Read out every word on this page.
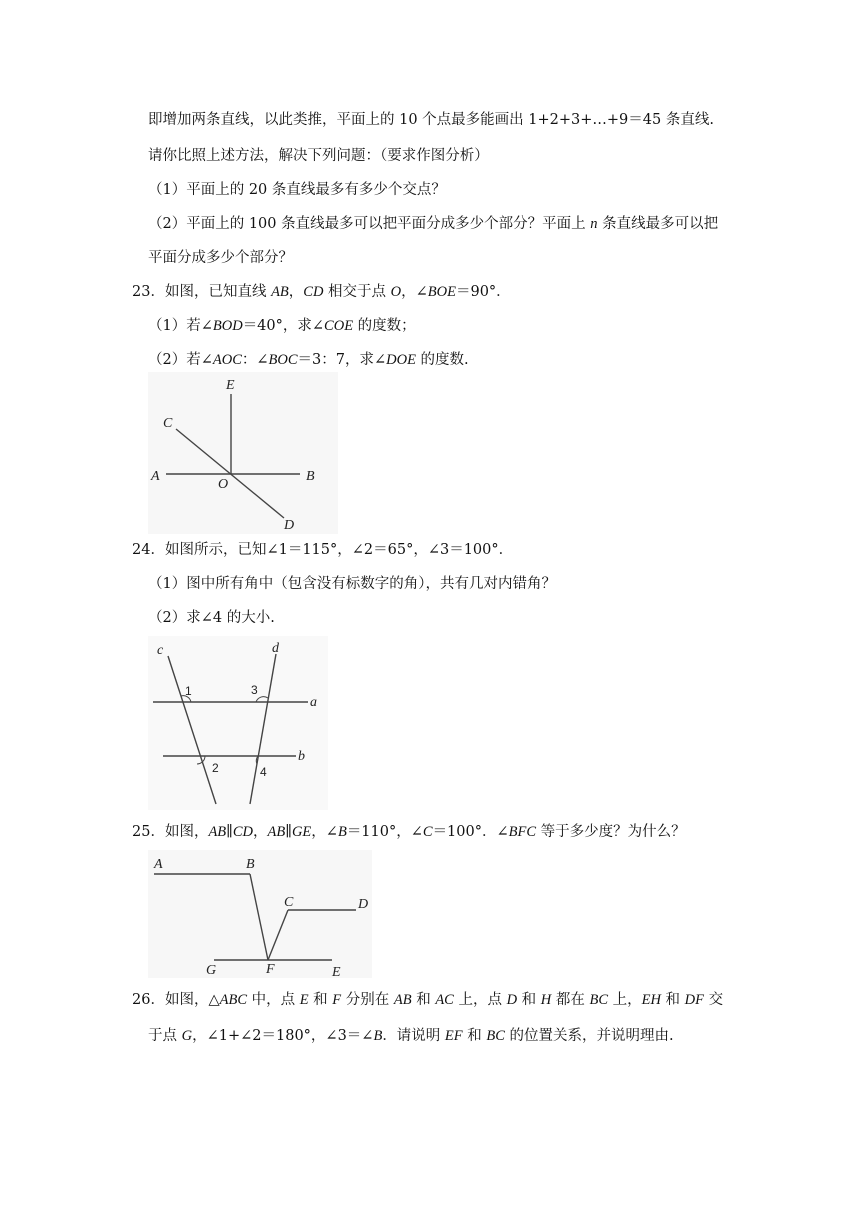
即增加两条直线，以此类推，平面上的 10 个点最多能画出 1+2+3+…+9＝45 条直线.
请你比照上述方法，解决下列问题：（要求作图分析）
（1）平面上的 20 条直线最多有多少个交点？
（2）平面上的 100 条直线最多可以把平面分成多少个部分？平面上 n 条直线最多可以把
平面分成多少个部分？
23．如图，已知直线 AB，CD 相交于点 O，∠BOE＝90°．
（1）若∠BOD＝40°，求∠COE 的度数；
（2）若∠AOC：∠BOC＝3：7，求∠DOE 的度数.
E
C
A	B
O
D
24．如图所示，已知∠1＝115°，∠2＝65°，∠3＝100°．
（1）图中所有角中（包含没有标数字的角），共有几对内错角？
（2）求∠4 的大小.
c	d
a
b
1	3
2	4
25．如图，AB∥CD，AB∥GE，∠B＝110°，∠C＝100°．∠BFC 等于多少度？为什么？
A	B
C	D
G	F	E
26．如图，△ABC 中，点 E 和 F 分别在 AB 和 AC 上，点 D 和 H 都在 BC 上，EH 和 DF 交
于点 G，∠1+∠2＝180°，∠3＝∠B．请说明 EF 和 BC 的位置关系，并说明理由.
